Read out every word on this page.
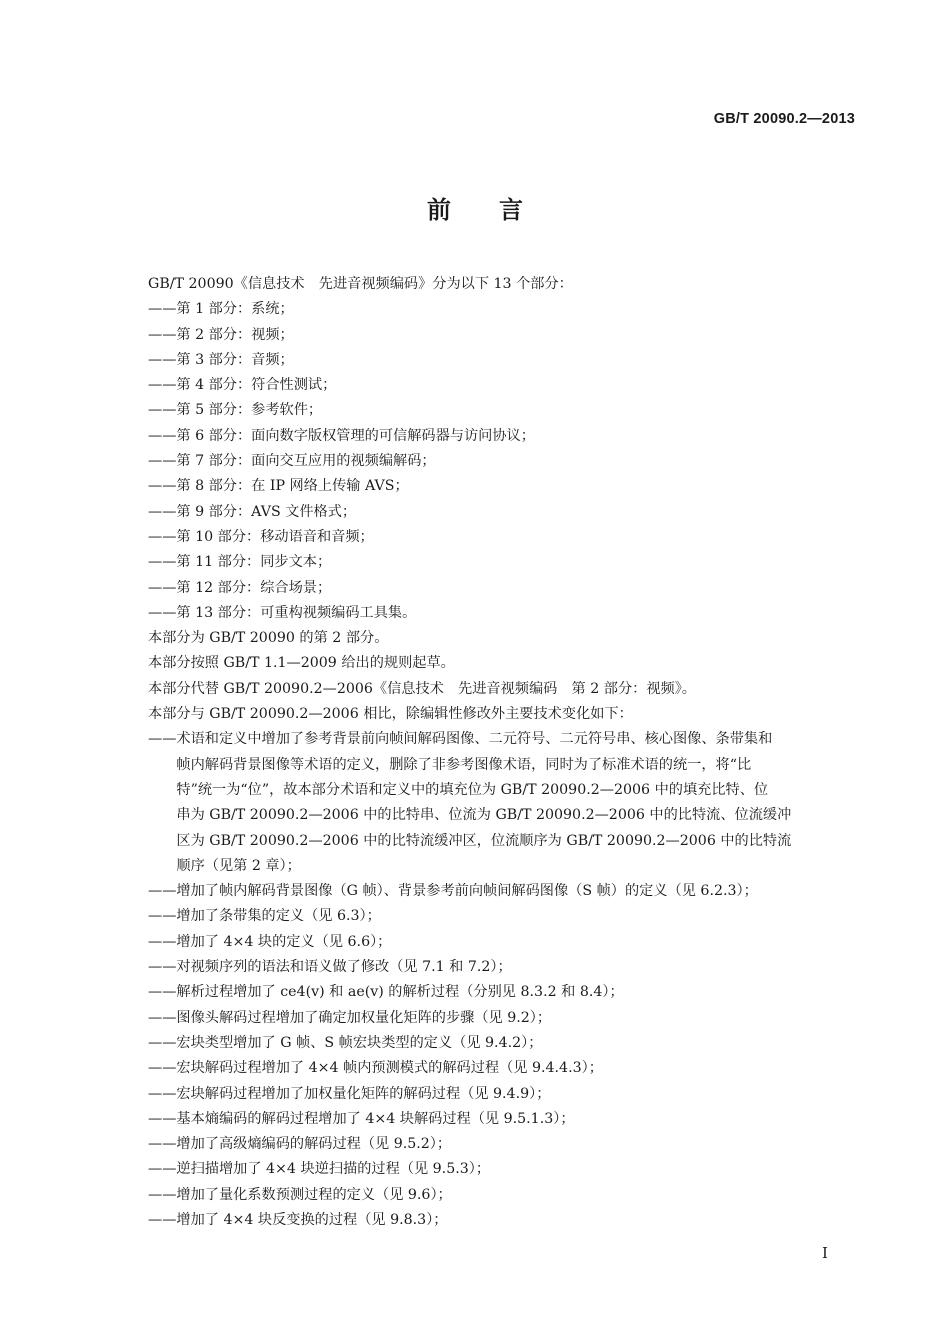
GB/T 20090.2—2013
前言
GB/T 20090《信息技术　先进音视频编码》分为以下 13 个部分：
—— 第 1 部分：系统；
—— 第 2 部分：视频；
—— 第 3 部分：音频；
—— 第 4 部分：符合性测试；
—— 第 5 部分：参考软件；
—— 第 6 部分：面向数字版权管理的可信解码器与访问协议；
—— 第 7 部分：面向交互应用的视频编解码；
—— 第 8 部分：在 IP 网络上传输 AVS；
—— 第 9 部分：AVS 文件格式；
—— 第 10 部分：移动语音和音频；
—— 第 11 部分：同步文本；
—— 第 12 部分：综合场景；
—— 第 13 部分：可重构视频编码工具集。
本部分为 GB/T 20090 的第 2 部分。
本部分按照 GB/T 1.1—2009 给出的规则起草。
本部分代替 GB/T 20090.2—2006《信息技术　先进音视频编码　第 2 部分：视频》。
本部分与 GB/T 20090.2—2006 相比，除编辑性修改外主要技术变化如下：
—— 术语和定义中增加了参考背景前向帧间解码图像、二元符号、二元符号串、核心图像、条带集和
帧内解码背景图像等术语的定义，删除了非参考图像术语，同时为了标准术语的统一，将“比
特”统一为“位”，故本部分术语和定义中的填充位为 GB/T 20090.2—2006 中的填充比特、位
串为 GB/T 20090.2—2006 中的比特串、位流为 GB/T 20090.2—2006 中的比特流、位流缓冲
区为 GB/T 20090.2—2006 中的比特流缓冲区，位流顺序为 GB/T 20090.2—2006 中的比特流
顺序（见第 2 章）；
—— 增加了帧内解码背景图像（G 帧）、背景参考前向帧间解码图像（S 帧）的定义（见 6.2.3）；
—— 增加了条带集的定义（见 6.3）；
—— 增加了 4×4 块的定义（见 6.6）；
—— 对视频序列的语法和语义做了修改（见 7.1 和 7.2）；
—— 解析过程增加了 ce4(v) 和 ae(v) 的解析过程（分别见 8.3.2 和 8.4）；
—— 图像头解码过程增加了确定加权量化矩阵的步骤（见 9.2）；
—— 宏块类型增加了 G 帧、S 帧宏块类型的定义（见 9.4.2）；
—— 宏块解码过程增加了 4×4 帧内预测模式的解码过程（见 9.4.4.3）；
—— 宏块解码过程增加了加权量化矩阵的解码过程（见 9.4.9）；
—— 基本熵编码的解码过程增加了 4×4 块解码过程（见 9.5.1.3）；
—— 增加了高级熵编码的解码过程（见 9.5.2）；
—— 逆扫描增加了 4×4 块逆扫描的过程（见 9.5.3）；
—— 增加了量化系数预测过程的定义（见 9.6）；
—— 增加了 4×4 块反变换的过程（见 9.8.3）；
I
